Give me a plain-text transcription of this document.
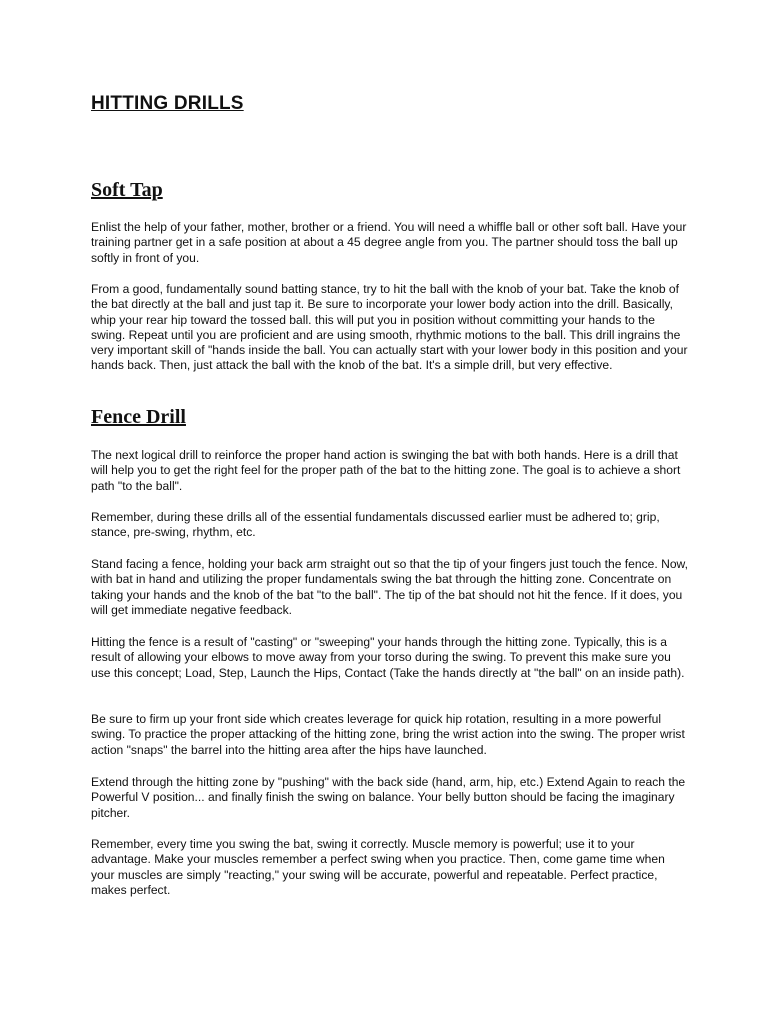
HITTING DRILLS
Soft Tap

Enlist the help of your father, mother, brother or a friend. You will need a whiffle ball or other soft ball. Have your training partner get in a safe position at about a 45 degree angle from you. The partner should toss the ball up softly in front of you.

From a good, fundamentally sound batting stance, try to hit the ball with the knob of your bat. Take the knob of the bat directly at the ball and just tap it. Be sure to incorporate your lower body action into the drill. Basically, whip your rear hip toward the tossed ball. this will put you in position without committing your hands to the swing. Repeat until you are proficient and are using smooth, rhythmic motions to the ball. This drill ingrains the very important skill of "hands inside the ball. You can actually start with your lower body in this position and your hands back. Then, just attack the ball with the knob of the bat. It's a simple drill, but very effective.

Fence Drill

The next logical drill to reinforce the proper hand action is swinging the bat with both hands. Here is a drill that will help you to get the right feel for the proper path of the bat to the hitting zone. The goal is to achieve a short path "to the ball".

Remember, during these drills all of the essential fundamentals discussed earlier must be adhered to; grip, stance, pre-swing, rhythm, etc.

Stand facing a fence, holding your back arm straight out so that the tip of your fingers just touch the fence. Now, with bat in hand and utilizing the proper fundamentals swing the bat through the hitting zone. Concentrate on taking your hands and the knob of the bat "to the ball". The tip of the bat should not hit the fence. If it does, you will get immediate negative feedback.

Hitting the fence is a result of "casting" or "sweeping" your hands through the hitting zone. Typically, this is a result of allowing your elbows to move away from your torso during the swing. To prevent this make sure you use this concept; Load, Step, Launch the Hips, Contact (Take the hands directly at "the ball" on an inside path).

Be sure to firm up your front side which creates leverage for quick hip rotation, resulting in a more powerful swing. To practice the proper attacking of the hitting zone, bring the wrist action into the swing. The proper wrist action "snaps" the barrel into the hitting area after the hips have launched.

Extend through the hitting zone by "pushing" with the back side (hand, arm, hip, etc.) Extend Again to reach the Powerful V position... and finally finish the swing on balance. Your belly button should be facing the imaginary pitcher.

Remember, every time you swing the bat, swing it correctly. Muscle memory is powerful; use it to your advantage. Make your muscles remember a perfect swing when you practice. Then, come game time when your muscles are simply "reacting," your swing will be accurate, powerful and repeatable. Perfect practice, makes perfect.
